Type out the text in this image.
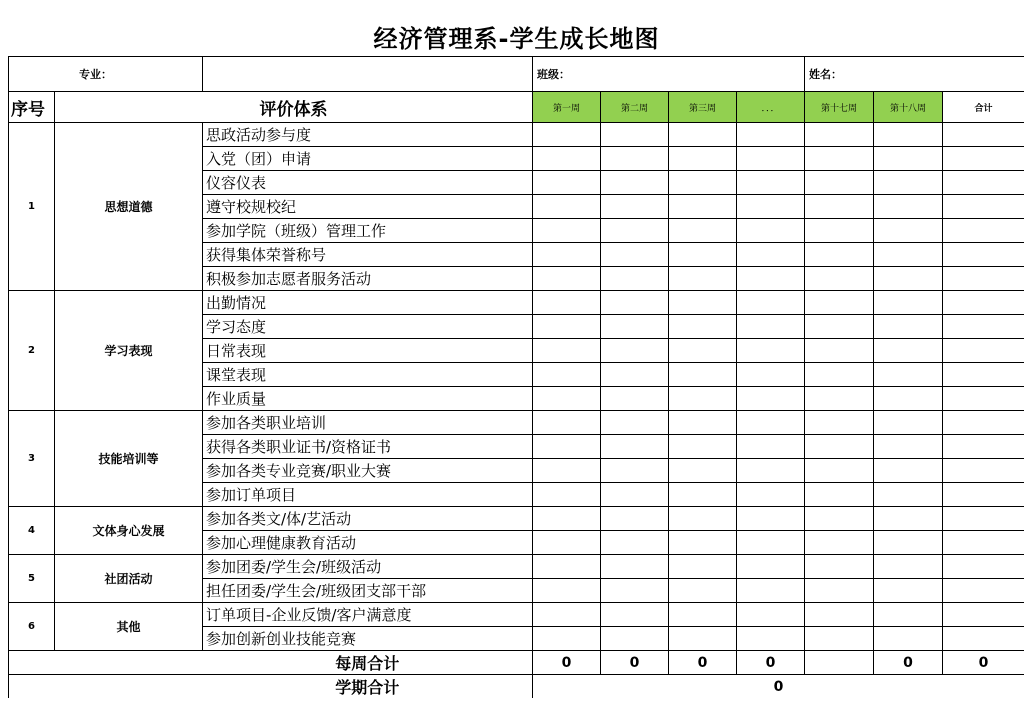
经济管理系-学生成长地图									
专业：			班级：				姓名：		
序号	评价体系		第一周	第二周	第三周	．．．	第十七周	第十八周	合计
1	思想道德	思政活动参与度							
		入党（团）申请							
		仪容仪表							
		遵守校规校纪							
		参加学院（班级）管理工作							
		获得集体荣誉称号							
		积极参加志愿者服务活动							
2	学习表现	出勤情况							
		学习态度							
		日常表现							
		课堂表现							
		作业质量							
3	技能培训等	参加各类职业培训							
		获得各类职业证书/资格证书							
		参加各类专业竞赛/职业大赛							
		参加订单项目							
4	文体身心发展	参加各类文/体/艺活动							
		参加心理健康教育活动							
5	社团活动	参加团委/学生会/班级活动							
		担任团委/学生会/班级团支部干部							
6	其他	订单项目-企业反馈/客户满意度							
		参加创新创业技能竞赛							
		每周合计	0	0	0	0		0	0
		学期合计	0						
